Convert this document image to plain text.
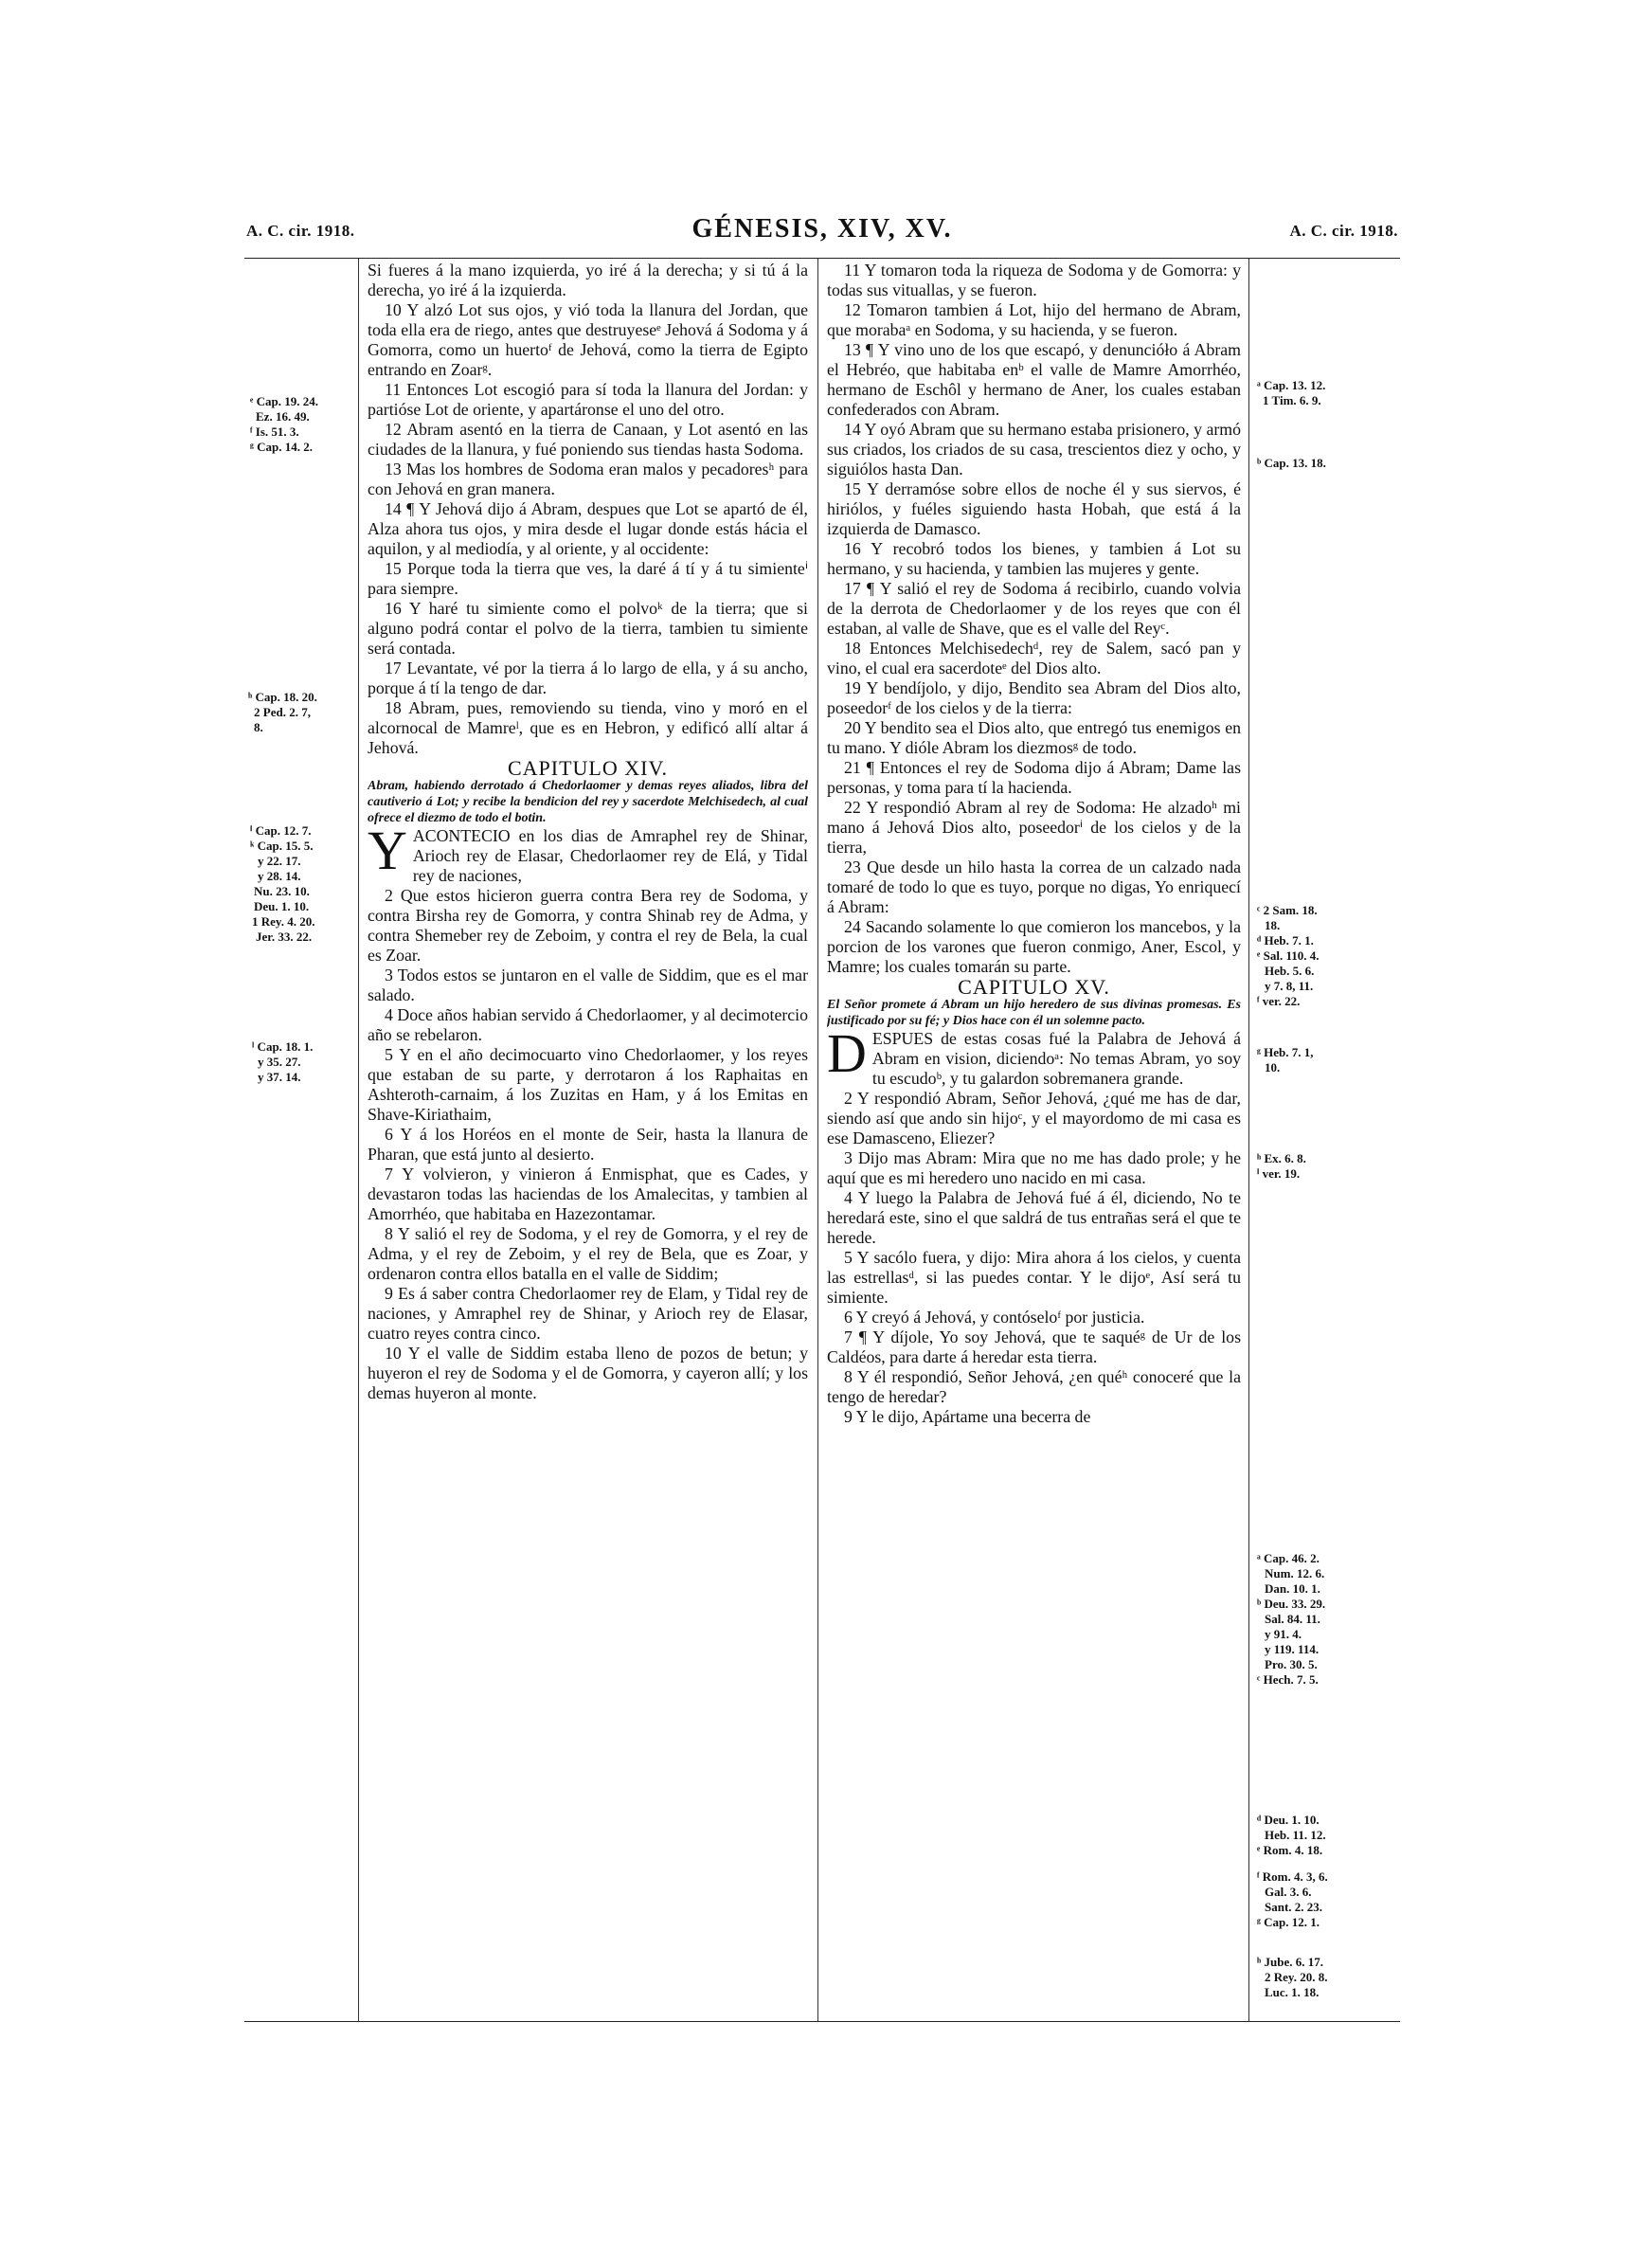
A. C. cir. 1918.	GÉNESIS, XIV, XV.	A. C. cir. 1918.
ᵉ Cap. 19. 24.
Ez. 16. 49.
ᶠ Is. 51. 3.
ᵍ Cap. 14. 2.
ʰ Cap. 18. 20.
2 Ped. 2. 7,
8.
ⁱ Cap. 12. 7.
ᵏ Cap. 15. 5.
y 22. 17.
y 28. 14.
Nu. 23. 10.
Deu. 1. 10.
1 Rey. 4. 20.
Jer. 33. 22.
ˡ Cap. 18. 1.
y 35. 27.
y 37. 14.

Si fueres á la mano izquierda, yo iré á la derecha; y si tú á la derecha, yo iré á la izquierda.

10 Y alzó Lot sus ojos, y vió toda la llanura del Jordan, que toda ella era de riego, antes que destruyeseᵉ Jehová á Sodoma y á Gomorra, como un huertoᶠ de Jehová, como la tierra de Egipto entrando en Zoarᵍ.

11 Entonces Lot escogió para sí toda la llanura del Jordan: y partióse Lot de oriente, y apartáronse el uno del otro.

12 Abram asentó en la tierra de Canaan, y Lot asentó en las ciudades de la llanura, y fué poniendo sus tiendas hasta Sodoma.

13 Mas los hombres de Sodoma eran malos y pecadoresʰ para con Jehová en gran manera.

14 ¶ Y Jehová dijo á Abram, despues que Lot se apartó de él, Alza ahora tus ojos, y mira desde el lugar donde estás hácia el aquilon, y al mediodía, y al oriente, y al occidente:

15 Porque toda la tierra que ves, la daré á tí y á tu simienteⁱ para siempre.

16 Y haré tu simiente como el polvoᵏ de la tierra; que si alguno podrá contar el polvo de la tierra, tambien tu simiente será contada.

17 Levantate, vé por la tierra á lo largo de ella, y á su ancho, porque á tí la tengo de dar.

18 Abram, pues, removiendo su tienda, vino y moró en el alcornocal de Mamreˡ, que es en Hebron, y edificó allí altar á Jehová.

CAPITULO XIV.

Abram, habiendo derrotado á Chedorlaomer y demas reyes aliados, libra del cautiverio á Lot; y recibe la bendicion del rey y sacerdote Melchisedech, al cual ofrece el diezmo de todo el botin.

YACONTECIO en los dias de Amraphel rey de Shinar, Arioch rey de Elasar, Chedorlaomer rey de Elá, y Tidal rey de naciones,

2 Que estos hicieron guerra contra Bera rey de Sodoma, y contra Birsha rey de Gomorra, y contra Shinab rey de Adma, y contra Shemeber rey de Zeboim, y contra el rey de Bela, la cual es Zoar.

3 Todos estos se juntaron en el valle de Siddim, que es el mar salado.

4 Doce años habian servido á Chedorlaomer, y al decimotercio año se rebelaron.

5 Y en el año decimocuarto vino Chedorlaomer, y los reyes que estaban de su parte, y derrotaron á los Raphaitas en Ashteroth-carnaim, á los Zuzitas en Ham, y á los Emitas en Shave-Kiriathaim,

6 Y á los Horéos en el monte de Seir, hasta la llanura de Pharan, que está junto al desierto.

7 Y volvieron, y vinieron á Enmisphat, que es Cades, y devastaron todas las haciendas de los Amalecitas, y tambien al Amorrhéo, que habitaba en Hazezontamar.

8 Y salió el rey de Sodoma, y el rey de Gomorra, y el rey de Adma, y el rey de Zeboim, y el rey de Bela, que es Zoar, y ordenaron contra ellos batalla en el valle de Siddim;

9 Es á saber contra Chedorlaomer rey de Elam, y Tidal rey de naciones, y Amraphel rey de Shinar, y Arioch rey de Elasar, cuatro reyes contra cinco.

10 Y el valle de Siddim estaba lleno de pozos de betun; y huyeron el rey de Sodoma y el de Gomorra, y cayeron allí; y los demas huyeron al monte.

11 Y tomaron toda la riqueza de Sodoma y de Gomorra: y todas sus vituallas, y se fueron.

12 Tomaron tambien á Lot, hijo del hermano de Abram, que morabaᵃ en Sodoma, y su hacienda, y se fueron.

13 ¶ Y vino uno de los que escapó, y denuncióło á Abram el Hebréo, que habitaba enᵇ el valle de Mamre Amorrhéo, hermano de Eschôl y hermano de Aner, los cuales estaban confederados con Abram.

14 Y oyó Abram que su hermano estaba prisionero, y armó sus criados, los criados de su casa, trescientos diez y ocho, y siguiólos hasta Dan.

15 Y derramóse sobre ellos de noche él y sus siervos, é hiriólos, y fuéles siguiendo hasta Hobah, que está á la izquierda de Damasco.

16 Y recobró todos los bienes, y tambien á Lot su hermano, y su hacienda, y tambien las mujeres y gente.

17 ¶ Y salió el rey de Sodoma á recibirlo, cuando volvia de la derrota de Chedorlaomer y de los reyes que con él estaban, al valle de Shave, que es el valle del Reyᶜ.

18 Entonces Melchisedechᵈ, rey de Salem, sacó pan y vino, el cual era sacerdoteᵉ del Dios alto.

19 Y bendíjolo, y dijo, Bendito sea Abram del Dios alto, poseedorᶠ de los cielos y de la tierra:

20 Y bendito sea el Dios alto, que entregó tus enemigos en tu mano. Y dióle Abram los diezmosᵍ de todo.

21 ¶ Entonces el rey de Sodoma dijo á Abram; Dame las personas, y toma para tí la hacienda.

22 Y respondió Abram al rey de Sodoma: He alzadoʰ mi mano á Jehová Dios alto, poseedorⁱ de los cielos y de la tierra,

23 Que desde un hilo hasta la correa de un calzado nada tomaré de todo lo que es tuyo, porque no digas, Yo enriquecí á Abram:

24 Sacando solamente lo que comieron los mancebos, y la porcion de los varones que fueron conmigo, Aner, Escol, y Mamre; los cuales tomarán su parte.

CAPITULO XV.

El Señor promete á Abram un hijo heredero de sus divinas promesas. Es justificado por su fé; y Dios hace con él un solemne pacto.

DESPUES de estas cosas fué la Palabra de Jehová á Abram en vision, diciendoᵃ: No temas Abram, yo soy tu escudoᵇ, y tu galardon sobremanera grande.

2 Y respondió Abram, Señor Jehová, ¿qué me has de dar, siendo así que ando sin hijoᶜ, y el mayordomo de mi casa es ese Damasceno, Eliezer?

3 Dijo mas Abram: Mira que no me has dado prole; y he aquí que es mi heredero uno nacido en mi casa.

4 Y luego la Palabra de Jehová fué á él, diciendo, No te heredará este, sino el que saldrá de tus entrañas será el que te herede.

5 Y sacólo fuera, y dijo: Mira ahora á los cielos, y cuenta las estrellasᵈ, si las puedes contar. Y le dijoᵉ, Así será tu simiente.

6 Y creyó á Jehová, y contóseloᶠ por justicia.

7 ¶ Y díjole, Yo soy Jehová, que te saquéᵍ de Ur de los Caldéos, para darte á heredar esta tierra.

8 Y él respondió, Señor Jehová, ¿en quéʰ conoceré que la tengo de heredar?

9 Y le dijo, Apártame una becerra de

ᵃ Cap. 13. 12.
1 Tim. 6. 9.
ᵇ Cap. 13. 18.
ᶜ 2 Sam. 18.
18.
ᵈ Heb. 7. 1.
ᵉ Sal. 110. 4.
Heb. 5. 6.
y 7. 8, 11.
ᶠ ver. 22.
ᵍ Heb. 7. 1,
10.
ʰ Ex. 6. 8.
ⁱ ver. 19.
ᵃ Cap. 46. 2.
Num. 12. 6.
Dan. 10. 1.
ᵇ Deu. 33. 29.
Sal. 84. 11.
y 91. 4.
y 119. 114.
Pro. 30. 5.
ᶜ Hech. 7. 5.
ᵈ Deu. 1. 10.
Heb. 11. 12.
ᵉ Rom. 4. 18.
ᶠ Rom. 4. 3, 6.
Gal. 3. 6.
Sant. 2. 23.
ᵍ Cap. 12. 1.
ʰ Jube. 6. 17.
2 Rey. 20. 8.
Luc. 1. 18.
